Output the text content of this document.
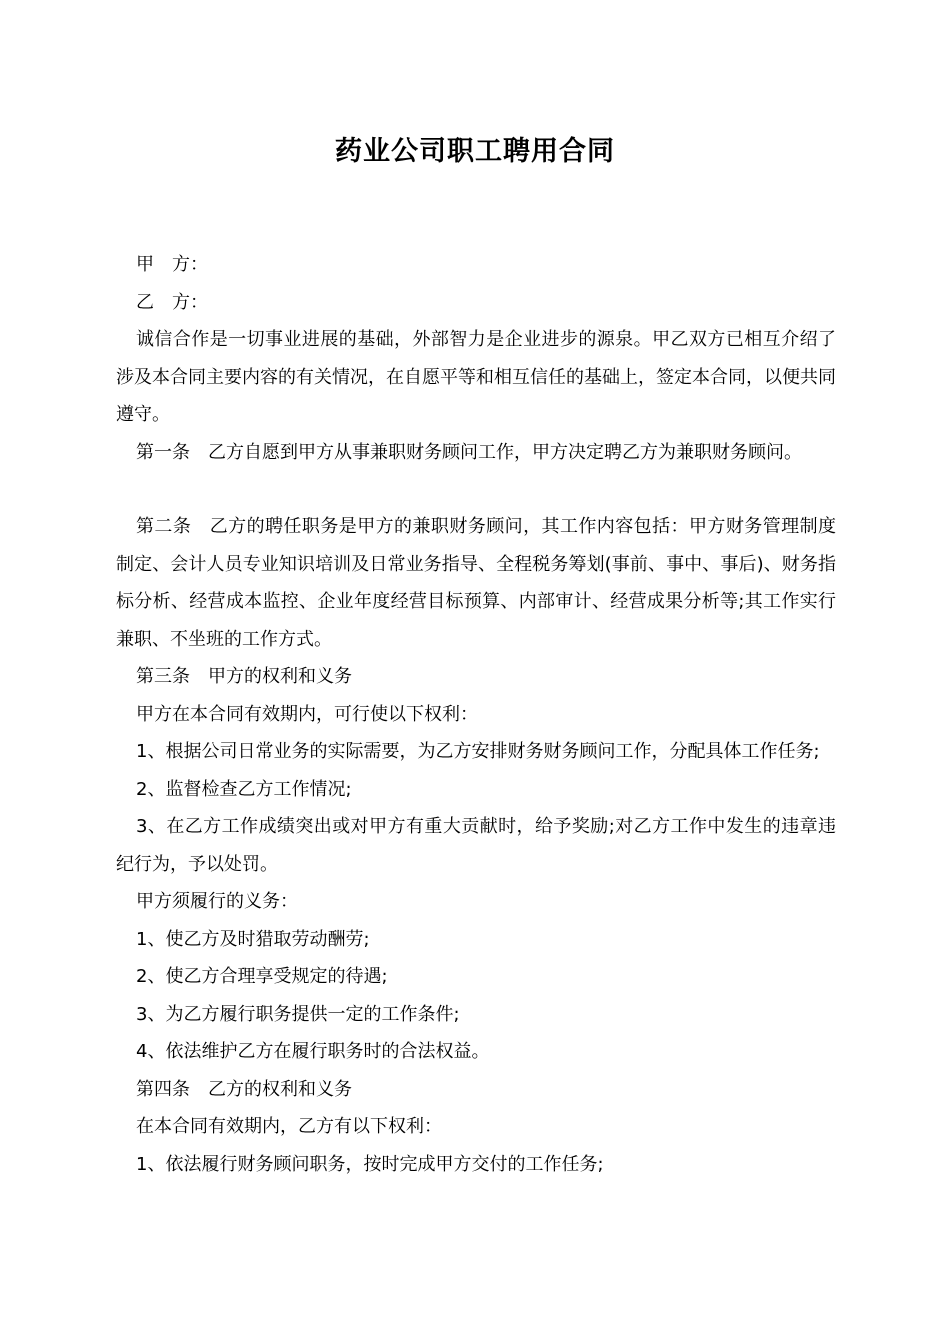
药业公司职工聘用合同

甲　方：

乙　方：

诚信合作是一切事业进展的基础，外部智力是企业进步的源泉。甲乙双方已相互介绍了涉及本合同主要内容的有关情况，在自愿平等和相互信任的基础上，签定本合同，以便共同遵守。

第一条　乙方自愿到甲方从事兼职财务顾问工作，甲方决定聘乙方为兼职财务顾问。

第二条　乙方的聘任职务是甲方的兼职财务顾问，其工作内容包括：甲方财务管理制度制定、会计人员专业知识培训及日常业务指导、全程税务筹划(事前、事中、事后)、财务指标分析、经营成本监控、企业年度经营目标预算、内部审计、经营成果分析等;其工作实行兼职、不坐班的工作方式。

第三条　甲方的权利和义务

甲方在本合同有效期内，可行使以下权利：

1、根据公司日常业务的实际需要，为乙方安排财务财务顾问工作，分配具体工作任务;

2、监督检查乙方工作情况;

3、在乙方工作成绩突出或对甲方有重大贡献时，给予奖励;对乙方工作中发生的违章违纪行为，予以处罚。

甲方须履行的义务：

1、使乙方及时猎取劳动酬劳;

2、使乙方合理享受规定的待遇;

3、为乙方履行职务提供一定的工作条件;

4、依法维护乙方在履行职务时的合法权益。

第四条　乙方的权利和义务

在本合同有效期内，乙方有以下权利：

1、依法履行财务顾问职务，按时完成甲方交付的工作任务;
